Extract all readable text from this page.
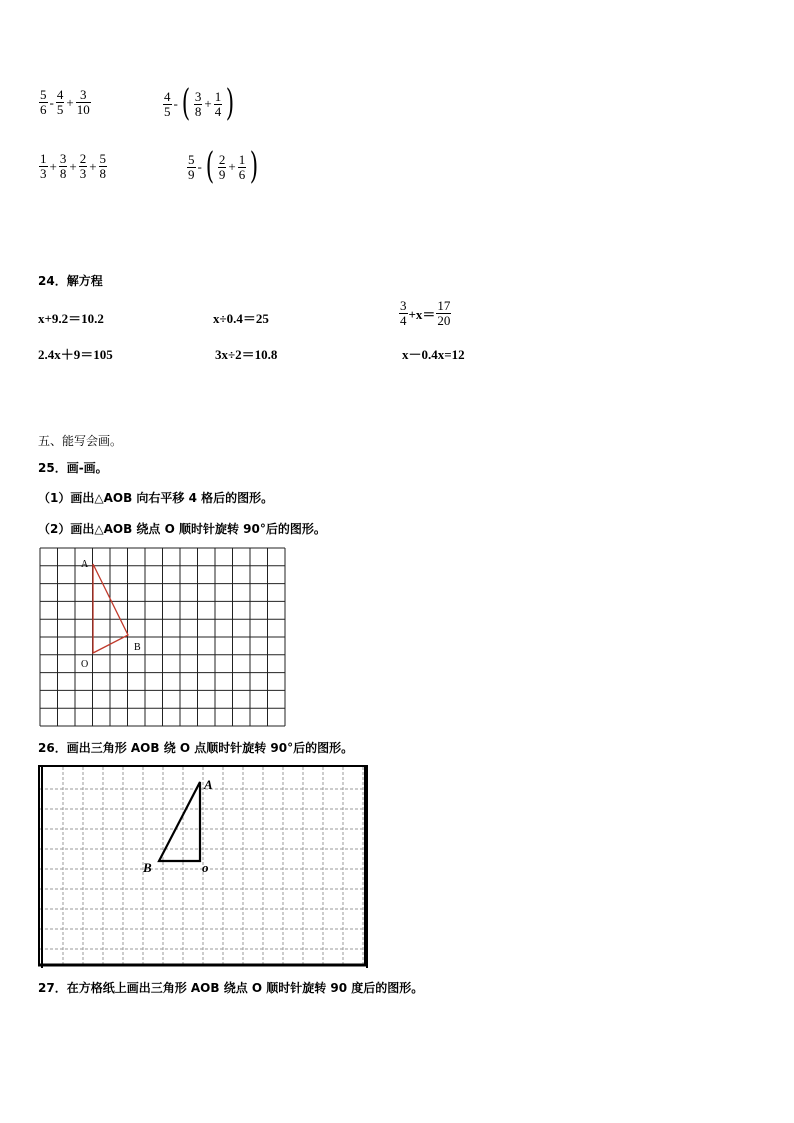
$\frac{5}{6} - \frac{4}{5} + \frac{3}{10}$	$\frac{4}{5}$ - ( $\frac{3}{8} + \frac{1}{4}$ )
$\frac{1}{3} + \frac{3}{8} + \frac{2}{3} + \frac{5}{8}$	$\frac{5}{9}$ - ( $\frac{2}{9} + \frac{1}{6}$ )
24．解方程
x+9.2＝10.2	x÷0.4＝25	$\frac{3}{4} +x= \frac{17}{20}$
2.4x＋9＝105	3x÷2＝10.8	x－0.4x=12
五、能写会画。
25．画-画。
（1）画出△AOB 向右平移 4 格后的图形。
（2）画出△AOB 绕点 O 顺时针旋转 90°后的图形。
A
B
O
26．画出三角形 AOB 绕 O 点顺时针旋转 90°后的图形。
A
B	o
27．在方格纸上画出三角形 AOB 绕点 O 顺时针旋转 90 度后的图形。
